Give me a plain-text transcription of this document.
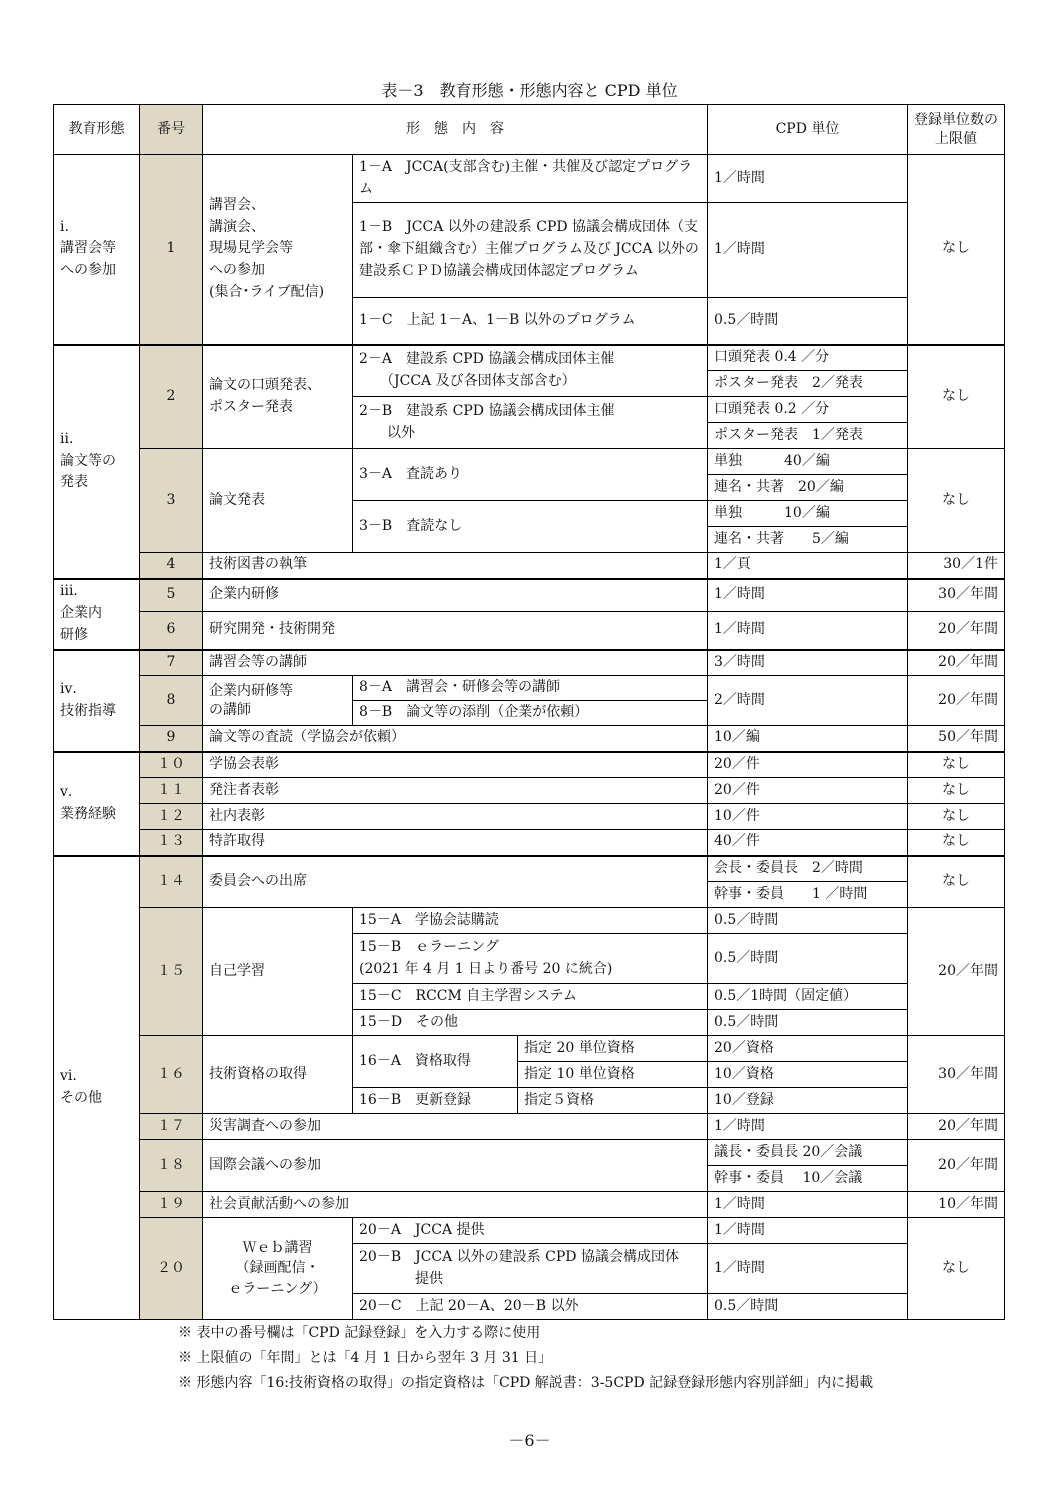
表－3　教育形態・形態内容と CPD 単位
教育形態	番号	形　態　内　容			CPD 単位	登録単位数の
上限値
ⅰ.
講習会等
への参加	1	講習会、
講演会、
現場見学会等
への参加
(集合･ライブ配信)	1－A　JCCA(支部含む)主催・共催及び認定プログラム		1／時間	なし
			1－B　JCCA 以外の建設系 CPD 協議会構成団体（支部・傘下組織含む）主催プログラム及び JCCA 以外の建設系ＣＰＤ協議会構成団体認定プログラム		1／時間	
			1－C　上記 1－A、1－B 以外のプログラム		0.5／時間	
ⅱ.
論文等の
発表	2	論文の口頭発表、
ポスター発表	2－A　建設系 CPD 協議会構成団体主催
　　（JCCA 及び各団体支部含む）		口頭発表 0.4 ／分	なし
					ポスター発表　2／発表	
			2－B　建設系 CPD 協議会構成団体主催
　　以外		口頭発表 0.2 ／分	
					ポスター発表　1／発表	
	3	論文発表	3－A　査読あり		単独　　　40／編	なし
					連名・共著　20／編	
			3－B　査読なし		単独　　　10／編	
					連名・共著　　5／編	
	4	技術図書の執筆			1／頁	30／1件
ⅲ.
企業内
研修	5	企業内研修			1／時間	30／年間
	6	研究開発・技術開発			1／時間	20／年間
ⅳ.
技術指導	7	講習会等の講師			3／時間	20／年間
	8	企業内研修等
の講師	8－A　講習会・研修会等の講師		2／時間	20／年間
			8－B　論文等の添削（企業が依頼）			
	9	論文等の査読（学協会が依頼）			10／編	50／年間
ⅴ.
業務経験	１０	学協会表彰			20／件	なし
	１１	発注者表彰			20／件	なし
	１２	社内表彰			10／件	なし
	１３	特許取得			40／件	なし
ⅵ.
その他	１４	委員会への出席			会長・委員長　2／時間	なし
					幹事・委員　　1 ／時間	
	１５	自己学習	15－A　学協会誌購読		0.5／時間	20／年間
			15－B　ｅラーニング
(2021 年 4 月 1 日より番号 20 に統合)		0.5／時間	

			15－C　RCCM 自主学習システム		0.5／1時間（固定値）	
			15－D　その他		0.5／時間	
	１６	技術資格の取得	16－A　資格取得	指定 20 単位資格	20／資格	30／年間
				指定 10 単位資格	10／資格	
			16－B　更新登録	指定５資格	10／登録	
	１７	災害調査への参加			1／時間	20／年間
	１８	国際会議への参加			議長・委員長 20／会議	20／年間
					幹事・委員　 10／会議	
	１９	社会貢献活動への参加			1／時間	10／年間
	２０	Ｗｅｂ講習
（録画配信・
ｅラーニング）	20－A　JCCA 提供		1／時間	なし
			20－B　JCCA 以外の建設系 CPD 協議会構成団体
　　　　提供		1／時間	
			20－C　上記 20－A、20－B 以外		0.5／時間	
※ 表中の番号欄は「CPD 記録登録」を入力する際に使用
※ 上限値の「年間」とは「4 月 1 日から翌年 3 月 31 日」
※ 形態内容「16:技術資格の取得」の指定資格は「CPD 解説書：3-5CPD 記録登録形態内容別詳細」内に掲載
－6－
